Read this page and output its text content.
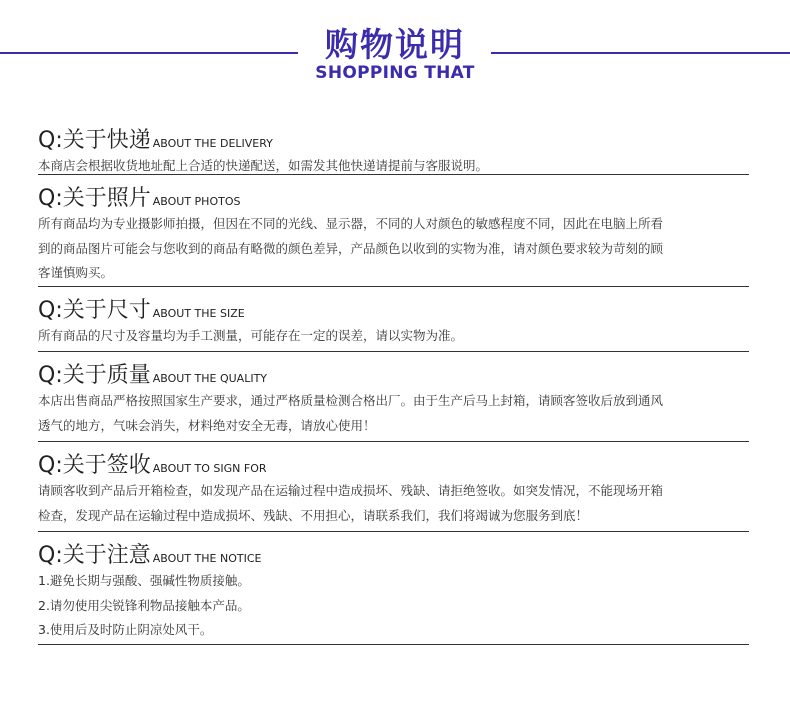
购物说明
SHOPPING THAT
Q:关于快递 ABOUT THE DELIVERY

本商店会根据收货地址配上合适的快递配送，如需发其他快递请提前与客服说明。

Q:关于照片 ABOUT PHOTOS

所有商品均为专业摄影师拍摄，但因在不同的光线、显示器，不同的人对颜色的敏感程度不同，因此在电脑上所看

到的商品图片可能会与您收到的商品有略微的颜色差异，产品颜色以收到的实物为准，请对颜色要求较为苛刻的顾

客谨慎购买。

Q:关于尺寸 ABOUT THE SIZE

所有商品的尺寸及容量均为手工测量，可能存在一定的误差，请以实物为准。

Q:关于质量 ABOUT THE QUALITY

本店出售商品严格按照国家生产要求，通过严格质量检测合格出厂。由于生产后马上封箱，请顾客签收后放到通风

透气的地方，气味会消失，材料绝对安全无毒，请放心使用！

Q:关于签收 ABOUT TO SIGN FOR

请顾客收到产品后开箱检查，如发现产品在运输过程中造成损坏、残缺、请拒绝签收。如突发情况，不能现场开箱

检查，发现产品在运输过程中造成损坏、残缺、不用担心，请联系我们，我们将竭诚为您服务到底！

Q:关于注意 ABOUT THE NOTICE

1.避免长期与强酸、强碱性物质接触。

2.请勿使用尖锐锋利物品接触本产品。

3.使用后及时防止阴凉处风干。
